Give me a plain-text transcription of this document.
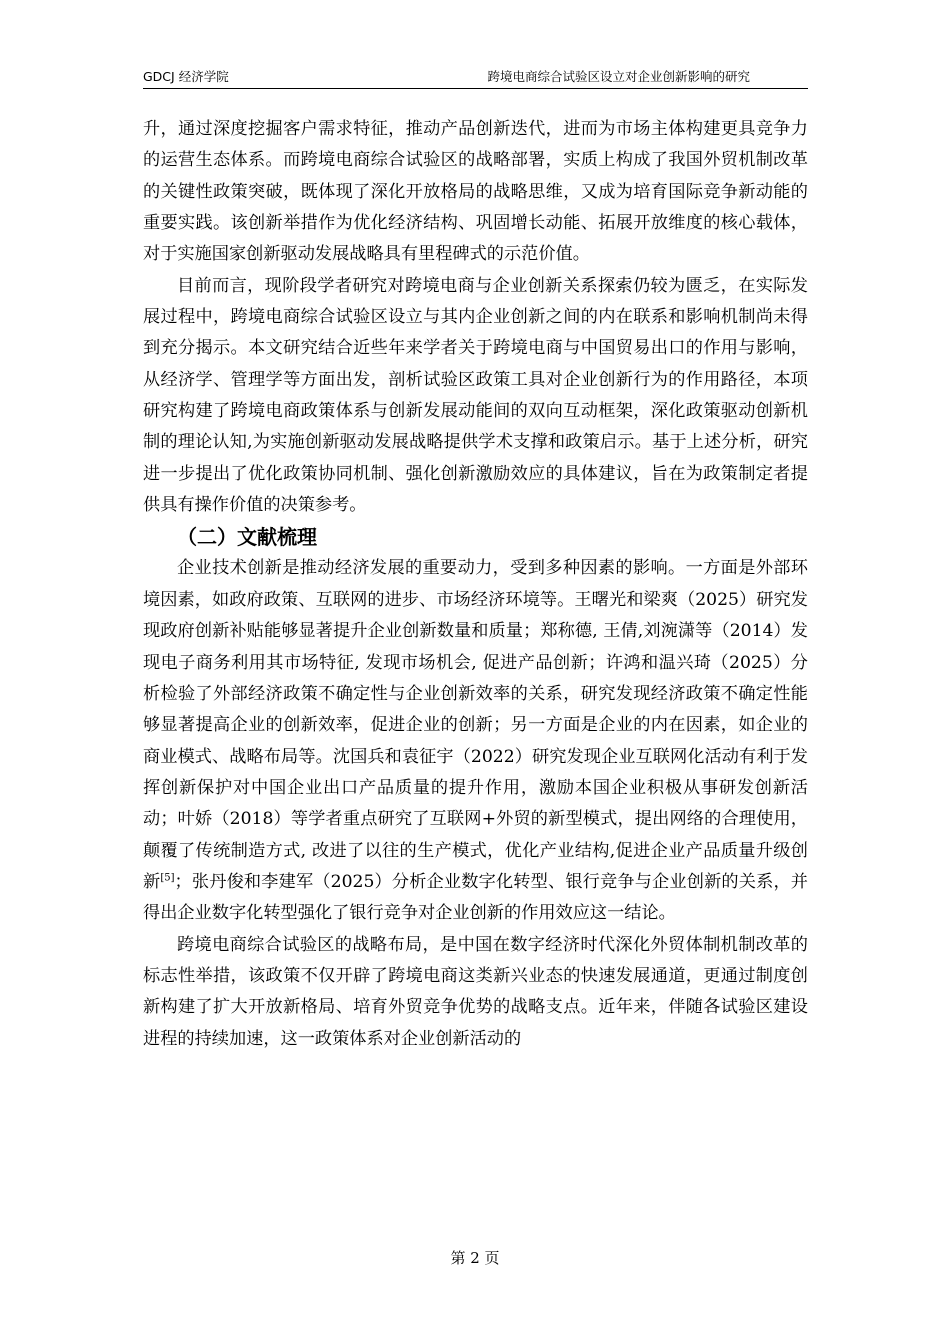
GDCJ 经济学院	跨境电商综合试验区设立对企业创新影响的研究

升，通过深度挖掘客户需求特征，推动产品创新迭代，进而为市场主体构建更具竞争力的运营生态体系。而跨境电商综合试验区的战略部署，实质上构成了我国外贸机制改革的关键性政策突破，既体现了深化开放格局的战略思维，又成为培育国际竞争新动能的重要实践。该创新举措作为优化经济结构、巩固增长动能、拓展开放维度的核心载体，对于实施国家创新驱动发展战略具有里程碑式的示范价值。

目前而言，现阶段学者研究对跨境电商与企业创新关系探索仍较为匮乏，在实际发展过程中，跨境电商综合试验区设立与其内企业创新之间的内在联系和影响机制尚未得到充分揭示。本文研究结合近些年来学者关于跨境电商与中国贸易出口的作用与影响，从经济学、管理学等方面出发，剖析试验区政策工具对企业创新行为的作用路径，本项研究构建了跨境电商政策体系与创新发展动能间的双向互动框架，深化政策驱动创新机制的理论认知,为实施创新驱动发展战略提供学术支撑和政策启示。基于上述分析，研究进一步提出了优化政策协同机制、强化创新激励效应的具体建议，旨在为政策制定者提供具有操作价值的决策参考。

（二）文献梳理

企业技术创新是推动经济发展的重要动力，受到多种因素的影响。一方面是外部环境因素，如政府政策、互联网的进步、市场经济环境等。王曙光和梁爽（2025）研究发现政府创新补贴能够显著提升企业创新数量和质量；郑称德, 王倩,刘涴潇等（2014）发现电子商务利用其市场特征, 发现市场机会, 促进产品创新；许鸿和温兴琦（2025）分析检验了外部经济政策不确定性与企业创新效率的关系，研究发现经济政策不确定性能够显著提高企业的创新效率，促进企业的创新；另一方面是企业的内在因素，如企业的商业模式、战略布局等。沈国兵和袁征宇（2022）研究发现企业互联网化活动有利于发挥创新保护对中国企业出口产品质量的提升作用，激励本国企业积极从事研发创新活动；叶娇（2018）等学者重点研究了互联网+外贸的新型模式，提出网络的合理使用，颠覆了传统制造方式, 改进了以往的生产模式，优化产业结构,促进企业产品质量升级创新[5]；张丹俊和李建军（2025）分析企业数字化转型、银行竞争与企业创新的关系，并得出企业数字化转型强化了银行竞争对企业创新的作用效应这一结论。

跨境电商综合试验区的战略布局，是中国在数字经济时代深化外贸体制机制改革的标志性举措，该政策不仅开辟了跨境电商这类新兴业态的快速发展通道，更通过制度创新构建了扩大开放新格局、培育外贸竞争优势的战略支点。近年来，伴随各试验区建设进程的持续加速，这一政策体系对企业创新活动的

第 2 页
